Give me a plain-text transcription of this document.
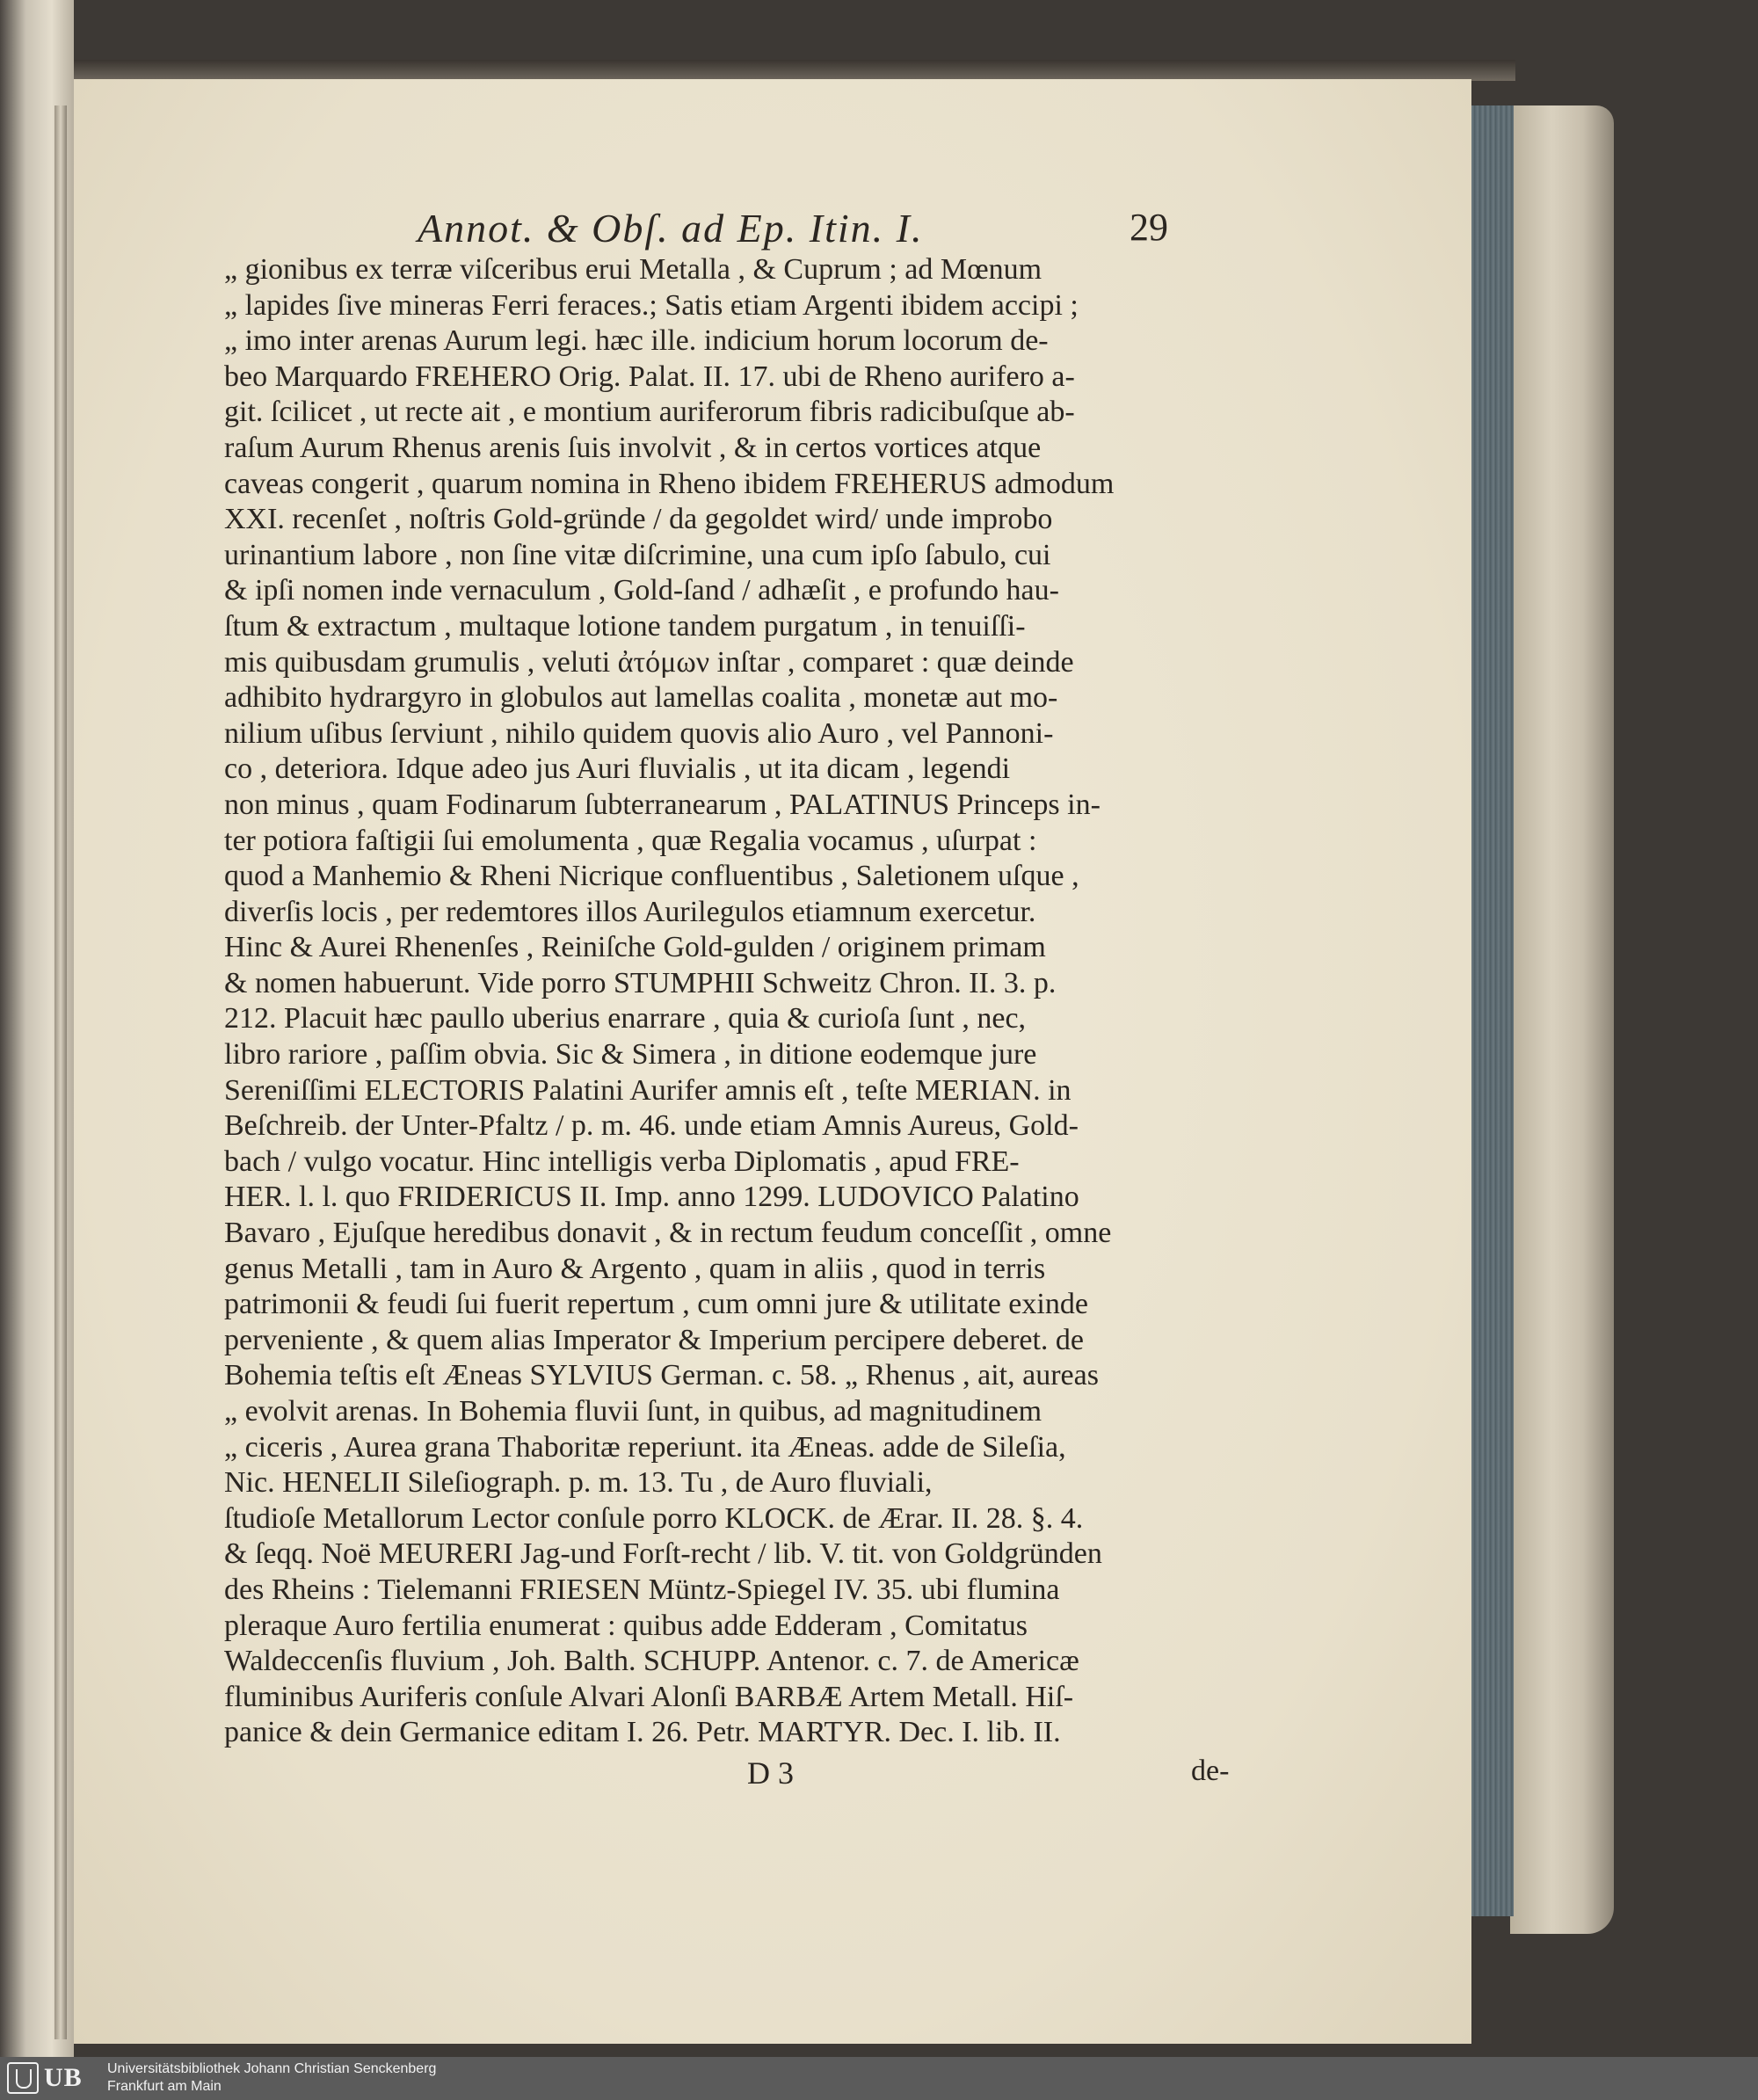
Annot. & Obſ. ad Ep. Itin. I.	29
„ gionibus ex terræ viſceribus erui Metalla , & Cuprum ; ad Mœnum
„ lapides ſive mineras Ferri feraces.; Satis etiam Argenti ibidem accipi ;
„ imo inter arenas Aurum legi. hæc ille. indicium horum locorum de-
beo Marquardo FREHERO Orig. Palat. II. 17. ubi de Rheno aurifero a-
git. ſcilicet , ut recte ait , e montium auriferorum fibris radicibuſque ab-
raſum Aurum Rhenus arenis ſuis involvit , & in certos vortices atque
caveas congerit , quarum nomina in Rheno ibidem FREHERUS admodum
XXI. recenſet , noſtris Gold-gründe / da gegoldet wird/ unde improbo
urinantium labore , non ſine vitæ diſcrimine, una cum ipſo ſabulo, cui
& ipſi nomen inde vernaculum , Gold-ſand / adhæſit , e profundo hau-
ſtum & extractum , multaque lotione tandem purgatum , in tenuiſſi-
mis quibusdam grumulis , veluti ἀτόμων inſtar , comparet : quæ deinde
adhibito hydrargyro in globulos aut lamellas coalita , monetæ aut mo-
nilium uſibus ſerviunt , nihilo quidem quovis alio Auro , vel Pannoni-
co , deteriora. Idque adeo jus Auri fluvialis , ut ita dicam , legendi
non minus , quam Fodinarum ſubterranearum , PALATINUS Princeps in-
ter potiora faſtigii ſui emolumenta , quæ Regalia vocamus , uſurpat :
quod a Manhemio & Rheni Nicrique confluentibus , Saletionem uſque ,
diverſis locis , per redemtores illos Aurilegulos etiamnum exercetur.
Hinc & Aurei Rhenenſes , Reiniſche Gold-gulden / originem primam
& nomen habuerunt. Vide porro STUMPHII Schweitz Chron. II. 3. p.
212. Placuit hæc paullo uberius enarrare , quia & curioſa ſunt , nec,
libro rariore , paſſim obvia. Sic & Simera , in ditione eodemque jure
Sereniſſimi ELECTORIS Palatini Aurifer amnis eſt , teſte MERIAN. in
Beſchreib. der Unter-Pfaltz / p. m. 46. unde etiam Amnis Aureus, Gold-
bach / vulgo vocatur. Hinc intelligis verba Diplomatis , apud FRE-
HER. l. l. quo FRIDERICUS II. Imp. anno 1299. LUDOVICO Palatino
Bavaro , Ejuſque heredibus donavit , & in rectum feudum conceſſit , omne
genus Metalli , tam in Auro & Argento , quam in aliis , quod in terris
patrimonii & feudi ſui fuerit repertum , cum omni jure & utilitate exinde
perveniente , & quem alias Imperator & Imperium percipere deberet. de
Bohemia teſtis eſt Æneas SYLVIUS German. c. 58. „ Rhenus , ait, aureas
„ evolvit arenas. In Bohemia fluvii ſunt, in quibus, ad magnitudinem
„ ciceris , Aurea grana Thaboritæ reperiunt. ita Æneas. adde de Sileſia,
Nic. HENELII Sileſiograph. p. m. 13. Tu , de Auro fluviali,
ſtudioſe Metallorum Lector conſule porro KLOCK. de Ærar. II. 28. §. 4.
& ſeqq. Noë MEURERI Jag-und Forſt-recht / lib. V. tit. von Goldgründen
des Rheins : Tielemanni FRIESEN Müntz-Spiegel IV. 35. ubi flumina
pleraque Auro fertilia enumerat : quibus adde Edderam , Comitatus
Waldeccenſis fluvium , Joh. Balth. SCHUPP. Antenor. c. 7. de Americæ
fluminibus Auriferis conſule Alvari Alonſi BARBÆ Artem Metall. Hiſ-
panice & dein Germanice editam I. 26. Petr. MARTYR. Dec. I. lib. II.
D 3	de-
UB Universitätsbibliothek Johann Christian Senckenberg
Frankfurt am Main
